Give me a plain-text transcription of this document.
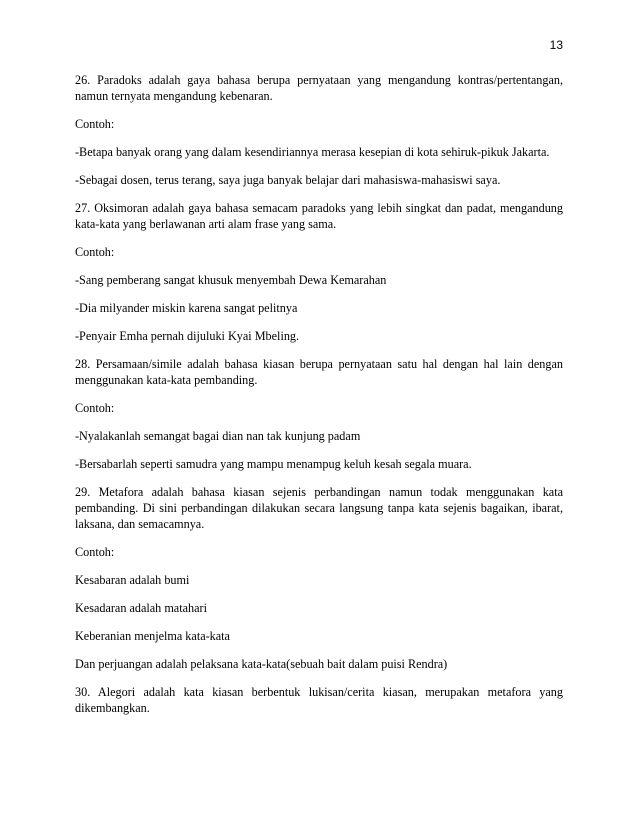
13

26. Paradoks adalah gaya bahasa berupa pernyataan yang mengandung kontras/pertentangan, namun ternyata mengandung kebenaran.

Contoh:

-Betapa banyak orang yang dalam kesendiriannya merasa kesepian di kota sehiruk-pikuk Jakarta.

-Sebagai dosen, terus terang, saya juga banyak belajar dari mahasiswa-mahasiswi saya.

27. Oksimoran adalah gaya bahasa semacam paradoks yang lebih singkat dan padat, mengandung kata-kata yang berlawanan arti alam frase yang sama.

Contoh:

-Sang pemberang sangat khusuk menyembah Dewa Kemarahan

-Dia milyander miskin karena sangat pelitnya

-Penyair Emha pernah dijuluki Kyai Mbeling.

28. Persamaan/simile adalah bahasa kiasan berupa pernyataan satu hal dengan hal lain dengan menggunakan kata-kata pembanding.

Contoh:

-Nyalakanlah semangat bagai dian nan tak kunjung padam

-Bersabarlah seperti samudra yang mampu menampug keluh kesah segala muara.

29. Metafora adalah bahasa kiasan sejenis perbandingan namun todak menggunakan kata pembanding. Di sini perbandingan dilakukan secara langsung tanpa kata sejenis bagaikan, ibarat, laksana, dan semacamnya.

Contoh:

Kesabaran adalah bumi

Kesadaran adalah matahari

Keberanian menjelma kata-kata

Dan perjuangan adalah pelaksana kata-kata(sebuah bait dalam puisi Rendra)

30. Alegori adalah kata kiasan berbentuk lukisan/cerita kiasan, merupakan metafora yang dikembangkan.
